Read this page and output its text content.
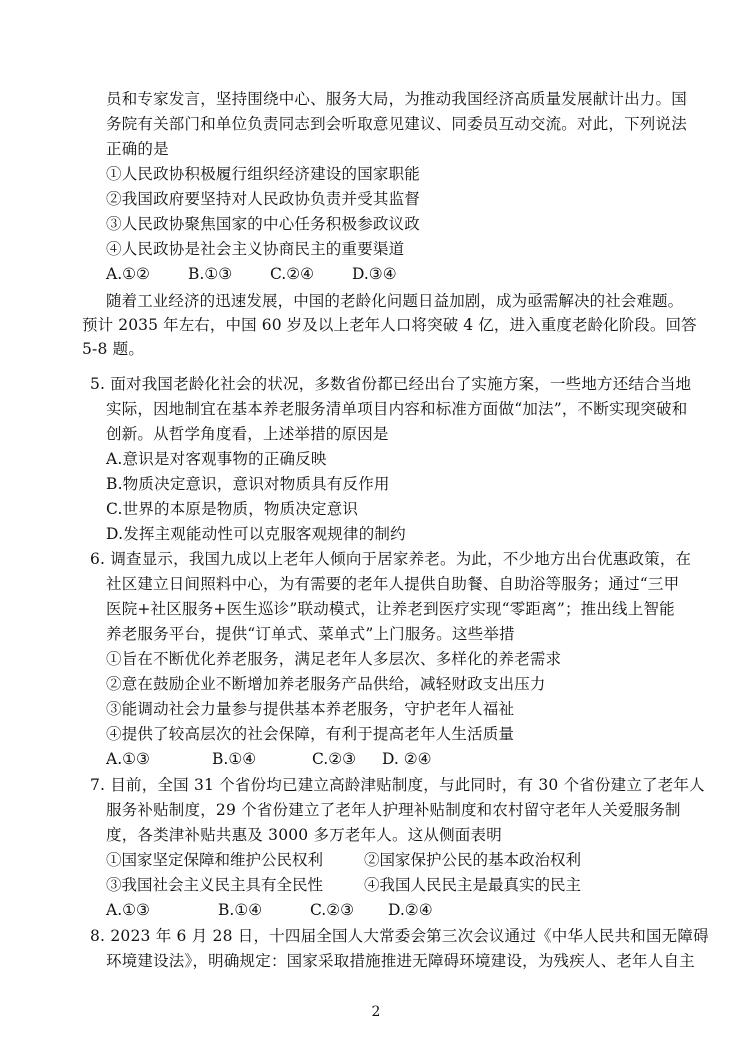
员和专家发言，坚持围绕中心、服务大局，为推动我国经济高质量发展献计出力。国
务院有关部门和单位负责同志到会听取意见建议、同委员互动交流。对此，下列说法
正确的是
①人民政协积极履行组织经济建设的国家职能
②我国政府要坚持对人民政协负责并受其监督
③人民政协聚焦国家的中心任务积极参政议政
④人民政协是社会主义协商民主的重要渠道
A.①② B.①③ C.②④ D.③④
随着工业经济的迅速发展，中国的老龄化问题日益加剧，成为亟需解决的社会难题。
预计 2035 年左右，中国 60 岁及以上老年人口将突破 4 亿，进入重度老龄化阶段。回答
5-8 题。
5. 面对我国老龄化社会的状况，多数省份都已经出台了实施方案，一些地方还结合当地
实际，因地制宜在基本养老服务清单项目内容和标准方面做“加法”，不断实现突破和
创新。从哲学角度看，上述举措的原因是
A.意识是对客观事物的正确反映
B.物质决定意识，意识对物质具有反作用
C.世界的本原是物质，物质决定意识
D.发挥主观能动性可以克服客观规律的制约
6. 调查显示，我国九成以上老年人倾向于居家养老。为此，不少地方出台优惠政策，在
社区建立日间照料中心，为有需要的老年人提供自助餐、自助浴等服务；通过“三甲
医院+社区服务+医生巡诊”联动模式，让养老到医疗实现“零距离”；推出线上智能
养老服务平台，提供“订单式、菜单式”上门服务。这些举措
①旨在不断优化养老服务，满足老年人多层次、多样化的养老需求
②意在鼓励企业不断增加养老服务产品供给，减轻财政支出压力
③能调动社会力量参与提供基本养老服务，守护老年人福祉
④提供了较高层次的社会保障，有利于提高老年人生活质量
A.①③	B.①④	C.②③ D. ②④
7. 目前，全国 31 个省份均已建立高龄津贴制度，与此同时，有 30 个省份建立了老年人
服务补贴制度，29 个省份建立了老年人护理补贴制度和农村留守老年人关爱服务制
度，各类津补贴共惠及 3000 多万老年人。这从侧面表明
①国家坚定保障和维护公民权利	②国家保护公民的基本政治权利
③我国社会主义民主具有全民性	④我国人民民主是最真实的民主
A.①③	B.①④	C.②③ D.②④
8. 2023 年 6 月 28 日，十四届全国人大常委会第三次会议通过《中华人民共和国无障碍
环境建设法》，明确规定：国家采取措施推进无障碍环境建设，为残疾人、老年人自主
2
